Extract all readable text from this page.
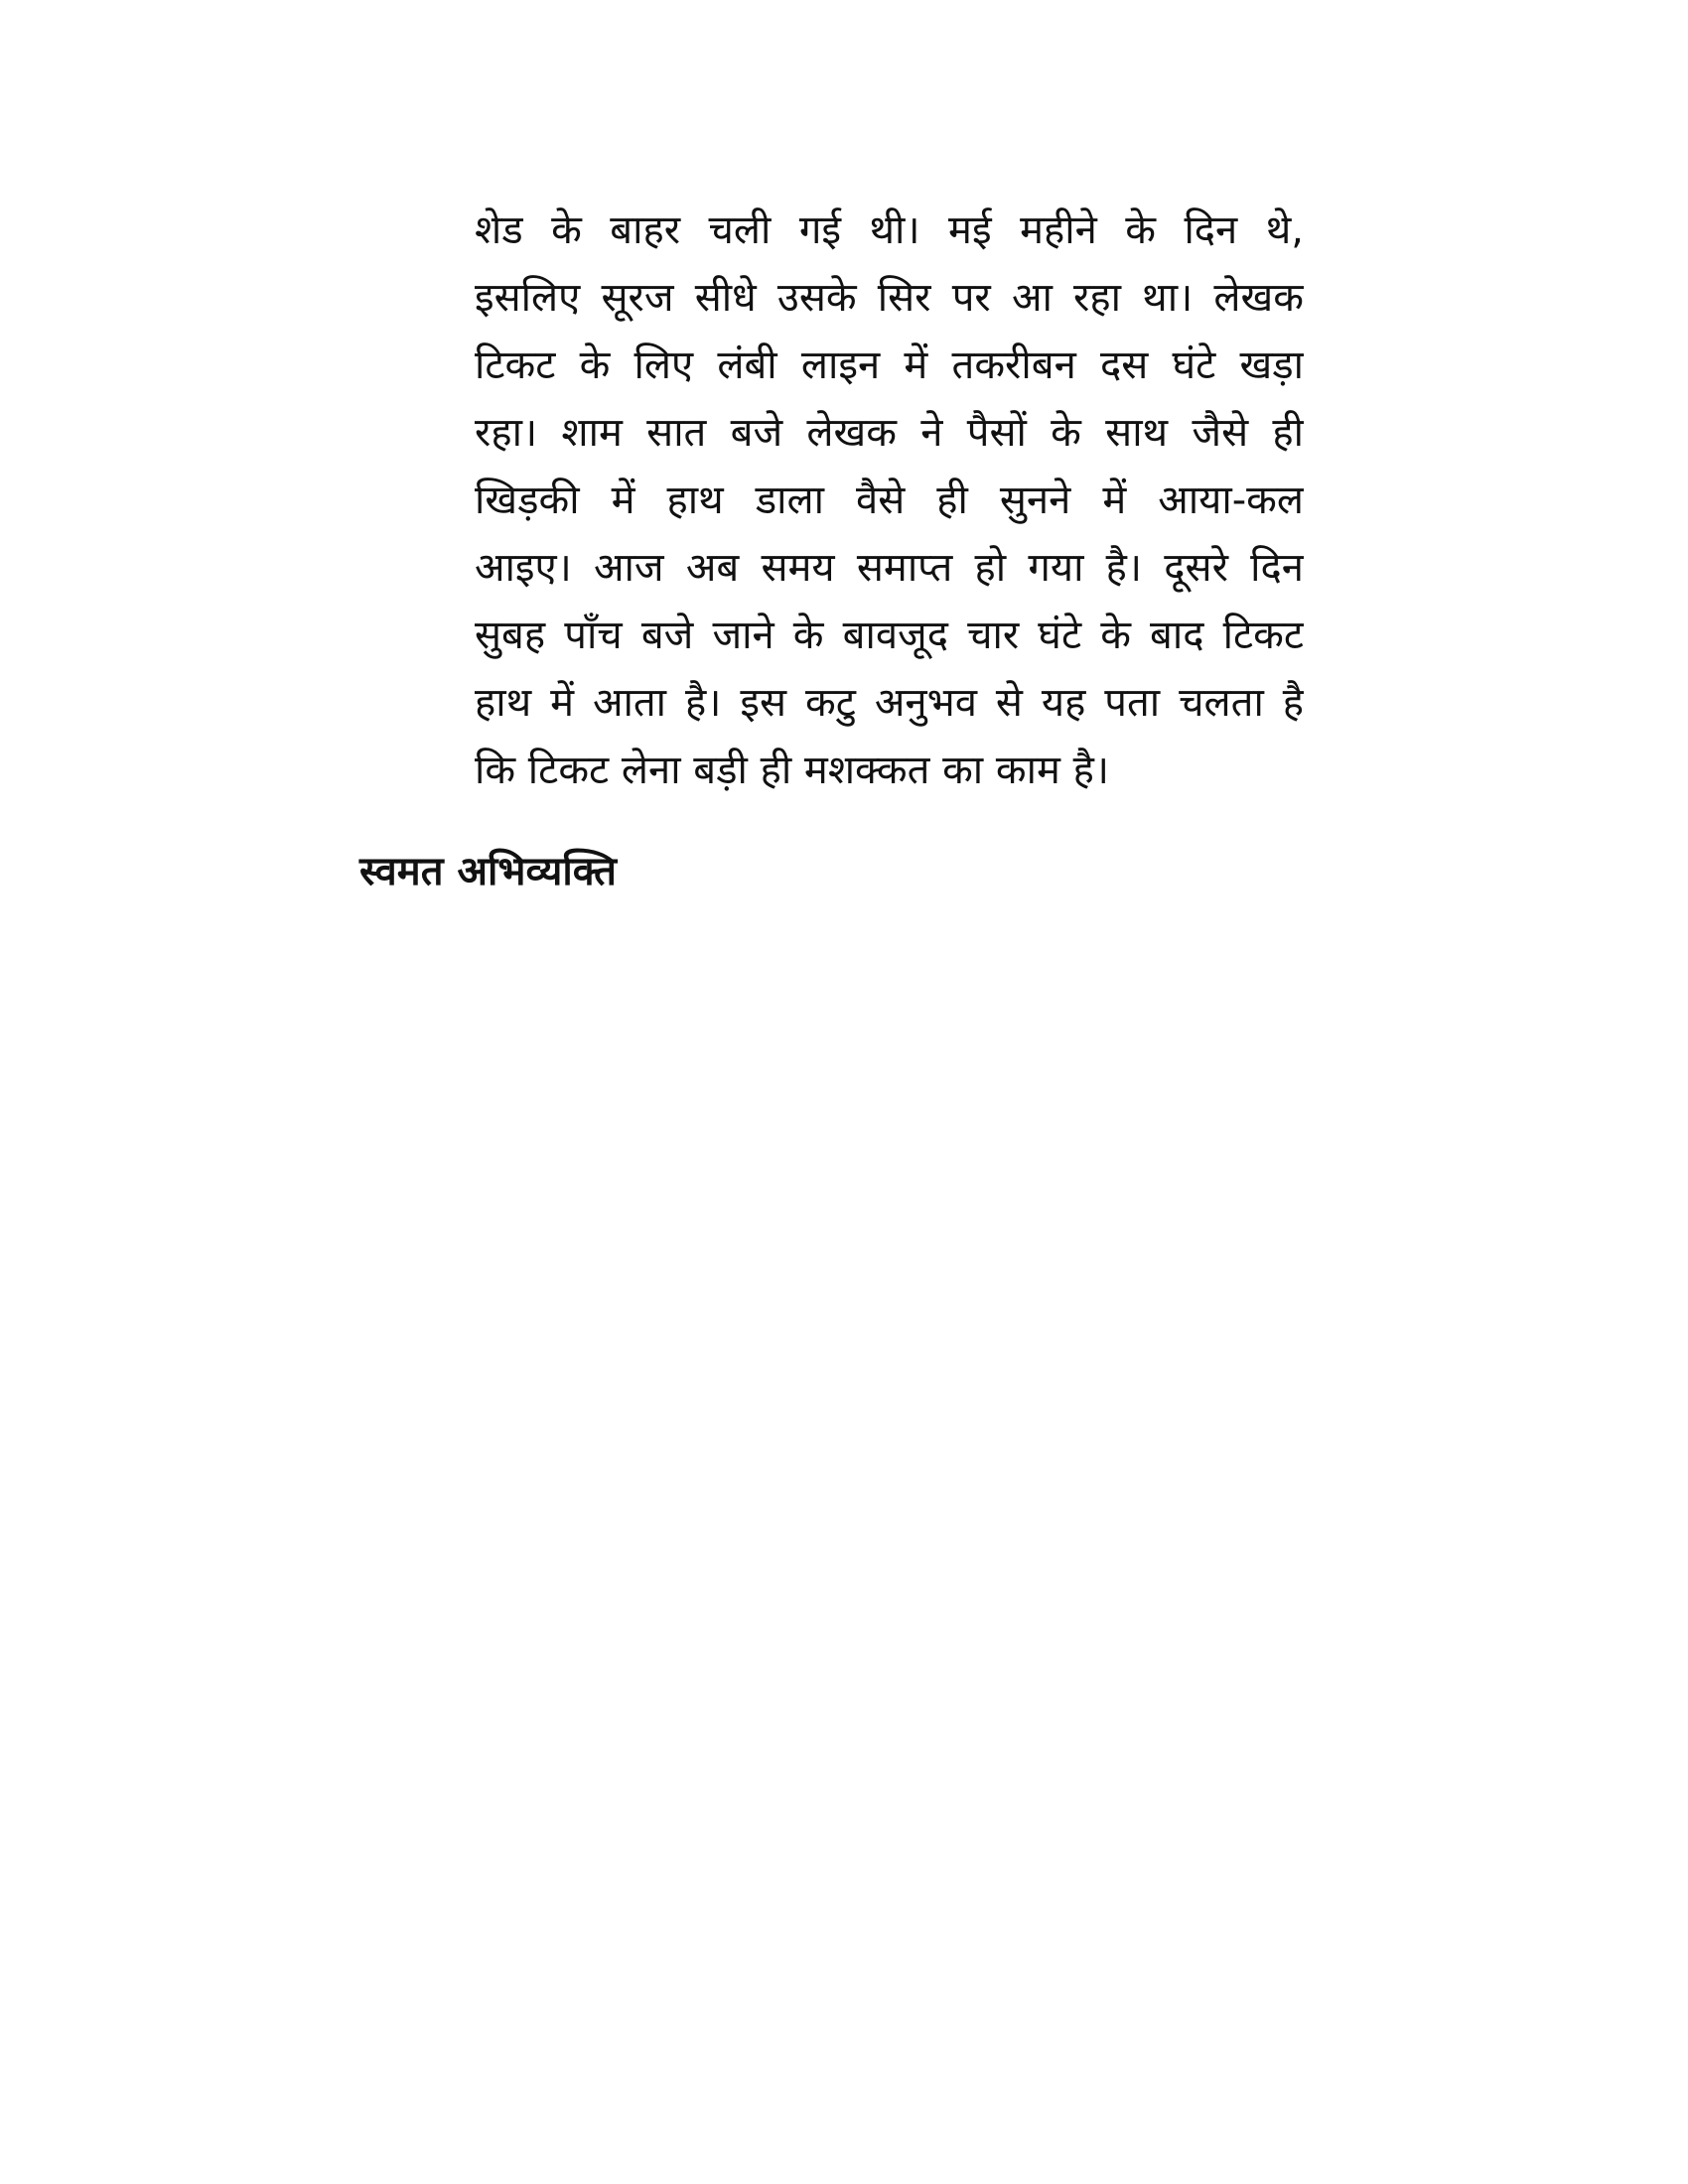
शेड के बाहर चली गई थी। मई महीने के दिन थे,
इसलिए सूरज सीधे उसके सिर पर आ रहा था। लेखक
टिकट के लिए लंबी लाइन में तकरीबन दस घंटे खड़ा
रहा। शाम सात बजे लेखक ने पैसों के साथ जैसे ही
खिड़की में हाथ डाला वैसे ही सुनने में आया-कल
आइए। आज अब समय समाप्त हो गया है। दूसरे दिन
सुबह पाँच बजे जाने के बावजूद चार घंटे के बाद टिकट
हाथ में आता है। इस कटु अनुभव से यह पता चलता है
कि टिकट लेना बड़ी ही मशक्कत का काम है।
स्वमत अभिव्यक्ति
